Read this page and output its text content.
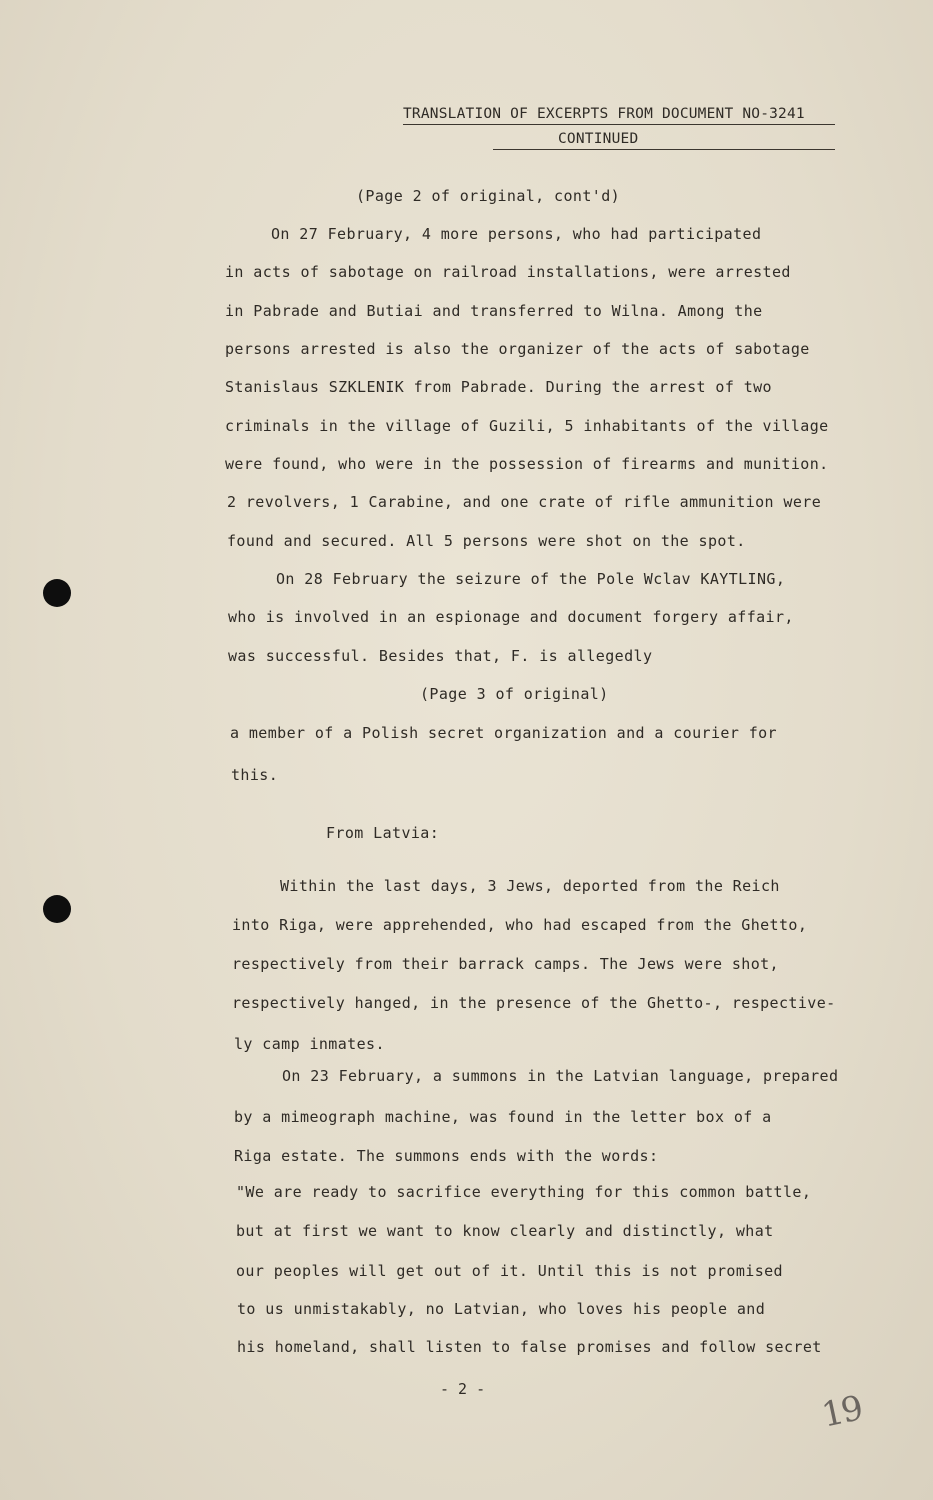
TRANSLATION OF EXCERPTS FROM DOCUMENT NO-3241
CONTINUED
(Page 2 of original, cont'd)
On 27 February, 4 more persons, who had participated
in acts of sabotage on railroad installations, were arrested
in Pabrade and Butiai and transferred to Wilna. Among the
persons arrested is also the organizer of the acts of sabotage
Stanislaus SZKLENIK from Pabrade. During the arrest of two
criminals in the village of Guzili, 5 inhabitants of the village
were found, who were in the possession of firearms and munition.
2 revolvers, 1 Carabine, and one crate of rifle ammunition were
found and secured. All 5 persons were shot on the spot.
On 28 February the seizure of the Pole Wclav KAYTLING,
who is involved in an espionage and document forgery affair,
was successful. Besides that, F. is allegedly
(Page 3 of original)
a member of a Polish secret organization and a courier for
this.
From Latvia:
Within the last days, 3 Jews, deported from the Reich
into Riga, were apprehended, who had escaped from the Ghetto,
respectively from their barrack camps. The Jews were shot,
respectively hanged, in the presence of the Ghetto-, respective-
ly camp inmates.
On 23 February, a summons in the Latvian language, prepared
by a mimeograph machine, was found in the letter box of a
Riga estate. The summons ends with the words:
"We are ready to sacrifice everything for this common battle,
but at first we want to know clearly and distinctly, what
our peoples will get out of it. Until this is not promised
to us unmistakably, no Latvian, who loves his people and
his homeland, shall listen to false promises and follow secret
- 2 -	19
